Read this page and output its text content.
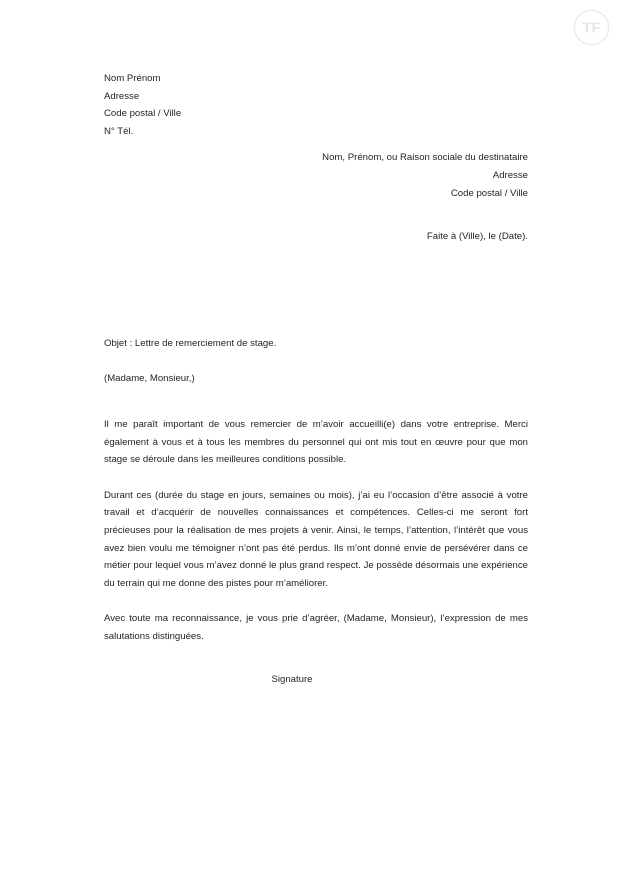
TF
Nom Prénom
Adresse
Code postal / Ville
N° Tél.
Nom, Prénom, ou Raison sociale du destinataire
Adresse
Code postal / Ville
Faite à (Ville), le (Date).
Objet : Lettre de remerciement de stage.
(Madame, Monsieur,)

Il me paraît important de vous remercier de m’avoir accueilli(e) dans votre entreprise. Merci également à vous et à tous les membres du personnel qui ont mis tout en œuvre pour que mon stage se déroule dans les meilleures conditions possible.

Durant ces (durée du stage en jours, semaines ou mois), j’ai eu l’occasion d’être associé à votre travail et d’acquérir de nouvelles connaissances et compétences. Celles-ci me seront fort précieuses pour la réalisation de mes projets à venir. Ainsi, le temps, l’attention, l’intérêt que vous avez bien voulu me témoigner n’ont pas été perdus. Ils m’ont donné envie de persévérer dans ce métier pour lequel vous m’avez donné le plus grand respect. Je possède désormais une expérience du terrain qui me donne des pistes pour m’améliorer.

Avec toute ma reconnaissance, je vous prie d’agréer, (Madame, Monsieur), l’expression de mes salutations distinguées.

Signature
